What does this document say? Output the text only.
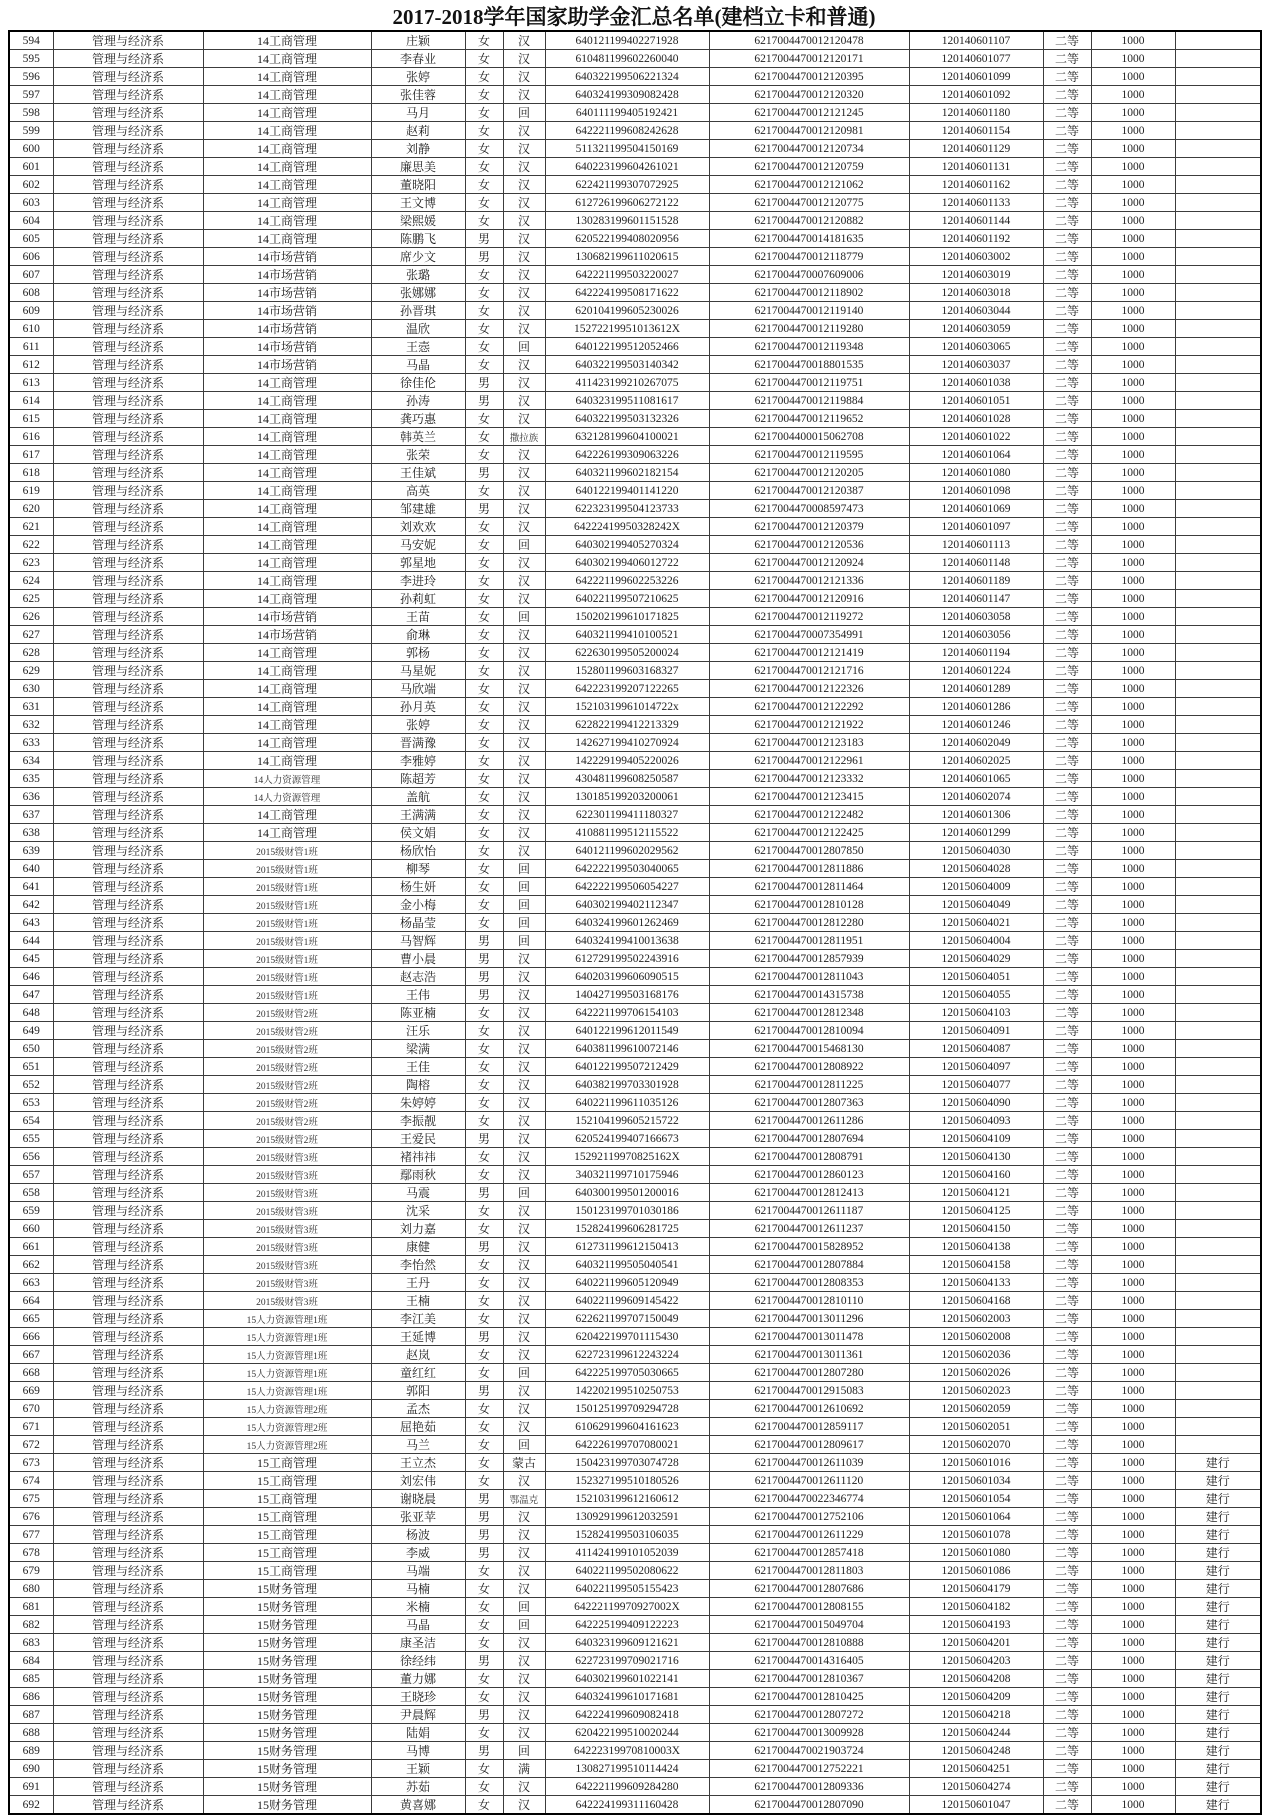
2017-2018学年国家助学金汇总名单(建档立卡和普通)
594	管理与经济系	14工商管理	庄颖	女	汉	640121199402271928	6217004470012120478	120140601107	二等	1000	
595	管理与经济系	14工商管理	李春业	女	汉	610481199602260040	6217004470012120171	120140601077	二等	1000	
596	管理与经济系	14工商管理	张婷	女	汉	640322199506221324	6217004470012120395	120140601099	二等	1000	
597	管理与经济系	14工商管理	张佳蓉	女	汉	640324199309082428	6217004470012120320	120140601092	二等	1000	
598	管理与经济系	14工商管理	马月	女	回	640111199405192421	6217004470012121245	120140601180	二等	1000	
599	管理与经济系	14工商管理	赵莉	女	汉	642221199608242628	6217004470012120981	120140601154	二等	1000	
600	管理与经济系	14工商管理	刘静	女	汉	511321199504150169	6217004470012120734	120140601129	二等	1000	
601	管理与经济系	14工商管理	廉思美	女	汉	640223199604261021	6217004470012120759	120140601131	二等	1000	
602	管理与经济系	14工商管理	董晓阳	女	汉	622421199307072925	6217004470012121062	120140601162	二等	1000	
603	管理与经济系	14工商管理	王文博	女	汉	612726199606272122	6217004470012120775	120140601133	二等	1000	
604	管理与经济系	14工商管理	梁熙媛	女	汉	130283199601151528	6217004470012120882	120140601144	二等	1000	
605	管理与经济系	14工商管理	陈鹏飞	男	汉	620522199408020956	6217004470014181635	120140601192	二等	1000	
606	管理与经济系	14市场营销	席少文	男	汉	130682199611020615	6217004470012118779	120140603002	二等	1000	
607	管理与经济系	14市场营销	张璐	女	汉	642221199503220027	6217004470007609006	120140603019	二等	1000	
608	管理与经济系	14市场营销	张娜娜	女	汉	642224199508171622	6217004470012118902	120140603018	二等	1000	
609	管理与经济系	14市场营销	孙晋琪	女	汉	620104199605230026	6217004470012119140	120140603044	二等	1000	
610	管理与经济系	14市场营销	温欣	女	汉	15272219951013612X	6217004470012119280	120140603059	二等	1000	
611	管理与经济系	14市场营销	王悫	女	回	640122199512052466	6217004470012119348	120140603065	二等	1000	
612	管理与经济系	14市场营销	马晶	女	汉	640322199503140342	6217004470018801535	120140603037	二等	1000	
613	管理与经济系	14工商管理	徐佳伦	男	汉	411423199210267075	6217004470012119751	120140601038	二等	1000	
614	管理与经济系	14工商管理	孙涛	男	汉	640323199511081617	6217004470012119884	120140601051	二等	1000	
615	管理与经济系	14工商管理	龚巧惠	女	汉	640322199503132326	6217004470012119652	120140601028	二等	1000	
616	管理与经济系	14工商管理	韩英兰	女	撒拉族	632128199604100021	6217004400015062708	120140601022	二等	1000	
617	管理与经济系	14工商管理	张荣	女	汉	642226199309063226	6217004470012119595	120140601064	二等	1000	
618	管理与经济系	14工商管理	王佳斌	男	汉	640321199602182154	6217004470012120205	120140601080	二等	1000	
619	管理与经济系	14工商管理	高英	女	汉	640122199401141220	6217004470012120387	120140601098	二等	1000	
620	管理与经济系	14工商管理	邹建雄	男	汉	622323199504123733	6217004470008597473	120140601069	二等	1000	
621	管理与经济系	14工商管理	刘欢欢	女	汉	64222419950328242X	6217004470012120379	120140601097	二等	1000	
622	管理与经济系	14工商管理	马安妮	女	回	640302199405270324	6217004470012120536	120140601113	二等	1000	
623	管理与经济系	14工商管理	郭星地	女	汉	640302199406012722	6217004470012120924	120140601148	二等	1000	
624	管理与经济系	14工商管理	李进玲	女	汉	642221199602253226	6217004470012121336	120140601189	二等	1000	
625	管理与经济系	14工商管理	孙莉虹	女	汉	640221199507210625	6217004470012120916	120140601147	二等	1000	
626	管理与经济系	14市场营销	王苗	女	回	150202199610171825	6217004470012119272	120140603058	二等	1000	
627	管理与经济系	14市场营销	俞琳	女	汉	640321199410100521	6217004470007354991	120140603056	二等	1000	
628	管理与经济系	14工商管理	郭杨	女	汉	622630199505200024	6217004470012121419	120140601194	二等	1000	
629	管理与经济系	14工商管理	马星妮	女	汉	152801199603168327	6217004470012121716	120140601224	二等	1000	
630	管理与经济系	14工商管理	马欣端	女	汉	642223199207122265	6217004470012122326	120140601289	二等	1000	
631	管理与经济系	14工商管理	孙月英	女	汉	15210319961014722x	6217004470012122292	120140601286	二等	1000	
632	管理与经济系	14工商管理	张婷	女	汉	622822199412213329	6217004470012121922	120140601246	二等	1000	
633	管理与经济系	14工商管理	晋满豫	女	汉	142627199410270924	6217004470012123183	120140602049	二等	1000	
634	管理与经济系	14工商管理	李雅婷	女	汉	142229199405220026	6217004470012122961	120140602025	二等	1000	
635	管理与经济系	14人力资源管理	陈超芳	女	汉	430481199608250587	6217004470012123332	120140601065	二等	1000	
636	管理与经济系	14人力资源管理	盖航	女	汉	130185199203200061	6217004470012123415	120140602074	二等	1000	
637	管理与经济系	14工商管理	王满满	女	汉	622301199411180327	6217004470012122482	120140601306	二等	1000	
638	管理与经济系	14工商管理	侯文娟	女	汉	410881199512115522	6217004470012122425	120140601299	二等	1000	
639	管理与经济系	2015级财管1班	杨欣怡	女	汉	640121199602029562	6217004470012807850	120150604030	二等	1000	
640	管理与经济系	2015级财管1班	柳琴	女	回	642222199503040065	6217004470012811886	120150604028	二等	1000	
641	管理与经济系	2015级财管1班	杨生妍	女	回	642222199506054227	6217004470012811464	120150604009	二等	1000	
642	管理与经济系	2015级财管1班	金小梅	女	回	640302199402112347	6217004470012810128	120150604049	二等	1000	
643	管理与经济系	2015级财管1班	杨晶莹	女	回	640324199601262469	6217004470012812280	120150604021	二等	1000	
644	管理与经济系	2015级财管1班	马智辉	男	回	640324199410013638	6217004470012811951	120150604004	二等	1000	
645	管理与经济系	2015级财管1班	曹小晨	男	汉	612729199502243916	6217004470012857939	120150604029	二等	1000	
646	管理与经济系	2015级财管1班	赵志浩	男	汉	640203199606090515	6217004470012811043	120150604051	二等	1000	
647	管理与经济系	2015级财管1班	王伟	男	汉	140427199503168176	6217004470014315738	120150604055	二等	1000	
648	管理与经济系	2015级财管2班	陈亚楠	女	汉	642221199706154103	6217004470012812348	120150604103	二等	1000	
649	管理与经济系	2015级财管2班	汪乐	女	汉	640122199612011549	6217004470012810094	120150604091	二等	1000	
650	管理与经济系	2015级财管2班	梁满	女	汉	640381199610072146	6217004470015468130	120150604087	二等	1000	
651	管理与经济系	2015级财管2班	王佳	女	汉	640122199507212429	6217004470012808922	120150604097	二等	1000	
652	管理与经济系	2015级财管2班	陶榕	女	汉	640382199703301928	6217004470012811225	120150604077	二等	1000	
653	管理与经济系	2015级财管2班	朱婷婷	女	汉	640221199611035126	6217004470012807363	120150604090	二等	1000	
654	管理与经济系	2015级财管2班	李振靓	女	汉	152104199605215722	6217004470012611286	120150604093	二等	1000	
655	管理与经济系	2015级财管2班	王爱民	男	汉	620524199407166673	6217004470012807694	120150604109	二等	1000	
656	管理与经济系	2015级财管3班	褚祎祎	女	汉	15292119970825162X	6217004470012808791	120150604130	二等	1000	
657	管理与经济系	2015级财管3班	鄢雨秋	女	汉	340321199710175946	6217004470012860123	120150604160	二等	1000	
658	管理与经济系	2015级财管3班	马震	男	回	640300199501200016	6217004470012812413	120150604121	二等	1000	
659	管理与经济系	2015级财管3班	沈采	女	汉	150123199701030186	6217004470012611187	120150604125	二等	1000	
660	管理与经济系	2015级财管3班	刘力嘉	女	汉	152824199606281725	6217004470012611237	120150604150	二等	1000	
661	管理与经济系	2015级财管3班	康健	男	汉	612731199612150413	6217004470015828952	120150604138	二等	1000	
662	管理与经济系	2015级财管3班	李怡然	女	汉	640321199505040541	6217004470012807884	120150604158	二等	1000	
663	管理与经济系	2015级财管3班	王丹	女	汉	640221199605120949	6217004470012808353	120150604133	二等	1000	
664	管理与经济系	2015级财管3班	王楠	女	汉	640221199609145422	6217004470012810110	120150604168	二等	1000	
665	管理与经济系	15人力资源管理1班	李江美	女	汉	622621199707150049	6217004470013011296	120150602003	二等	1000	
666	管理与经济系	15人力资源管理1班	王延博	男	汉	620422199701115430	6217004470013011478	120150602008	二等	1000	
667	管理与经济系	15人力资源管理1班	赵岚	女	汉	622723199612243224	6217004470013011361	120150602036	二等	1000	
668	管理与经济系	15人力资源管理1班	童红红	女	回	642225199705030665	6217004470012807280	120150602026	二等	1000	
669	管理与经济系	15人力资源管理1班	郭阳	男	汉	142202199510250753	6217004470012915083	120150602023	二等	1000	
670	管理与经济系	15人力资源管理2班	孟杰	女	汉	150125199709294728	6217004470012610692	120150602059	二等	1000	
671	管理与经济系	15人力资源管理2班	屈艳茹	女	汉	610629199604161623	6217004470012859117	120150602051	二等	1000	
672	管理与经济系	15人力资源管理2班	马兰	女	回	642226199707080021	6217004470012809617	120150602070	二等	1000	
673	管理与经济系	15工商管理	王立杰	女	蒙古	150423199703074728	6217004470012611039	120150601016	二等	1000	建行
674	管理与经济系	15工商管理	刘宏伟	女	汉	152327199510180526	6217004470012611120	120150601034	二等	1000	建行
675	管理与经济系	15工商管理	谢晓晨	男	鄂温克	152103199612160612	6217004470022346774	120150601054	二等	1000	建行
676	管理与经济系	15工商管理	张亚苹	男	汉	130929199612032591	6217004470012752106	120150601064	二等	1000	建行
677	管理与经济系	15工商管理	杨波	男	汉	152824199503106035	6217004470012611229	120150601078	二等	1000	建行
678	管理与经济系	15工商管理	李威	男	汉	411424199101052039	6217004470012857418	120150601080	二等	1000	建行
679	管理与经济系	15工商管理	马端	女	汉	640221199502080622	6217004470012811803	120150601086	二等	1000	建行
680	管理与经济系	15财务管理	马楠	女	汉	640221199505155423	6217004470012807686	120150604179	二等	1000	建行
681	管理与经济系	15财务管理	米楠	女	回	64222119970927002X	6217004470012808155	120150604182	二等	1000	建行
682	管理与经济系	15财务管理	马晶	女	回	642225199409122223	6217004470015049704	120150604193	二等	1000	建行
683	管理与经济系	15财务管理	康圣洁	女	汉	640323199609121621	6217004470012810888	120150604201	二等	1000	建行
684	管理与经济系	15财务管理	徐经纬	男	汉	622723199709021716	6217004470014316405	120150604203	二等	1000	建行
685	管理与经济系	15财务管理	董力娜	女	汉	640302199601022141	6217004470012810367	120150604208	二等	1000	建行
686	管理与经济系	15财务管理	王晓珍	女	汉	640324199610171681	6217004470012810425	120150604209	二等	1000	建行
687	管理与经济系	15财务管理	尹晨辉	男	汉	642224199609082418	6217004470012807272	120150604218	二等	1000	建行
688	管理与经济系	15财务管理	陆娟	女	汉	620422199510020244	6217004470013009928	120150604244	二等	1000	建行
689	管理与经济系	15财务管理	马博	男	回	64222319970810003X	6217004470021903724	120150604248	二等	1000	建行
690	管理与经济系	15财务管理	王颖	女	满	130827199510114424	6217004470012752221	120150604251	二等	1000	建行
691	管理与经济系	15财务管理	苏茹	女	汉	642221199609284280	6217004470012809336	120150604274	二等	1000	建行
692	管理与经济系	15财务管理	黄喜娜	女	汉	642224199311160428	6217004470012807090	120150601047	二等	1000	建行
